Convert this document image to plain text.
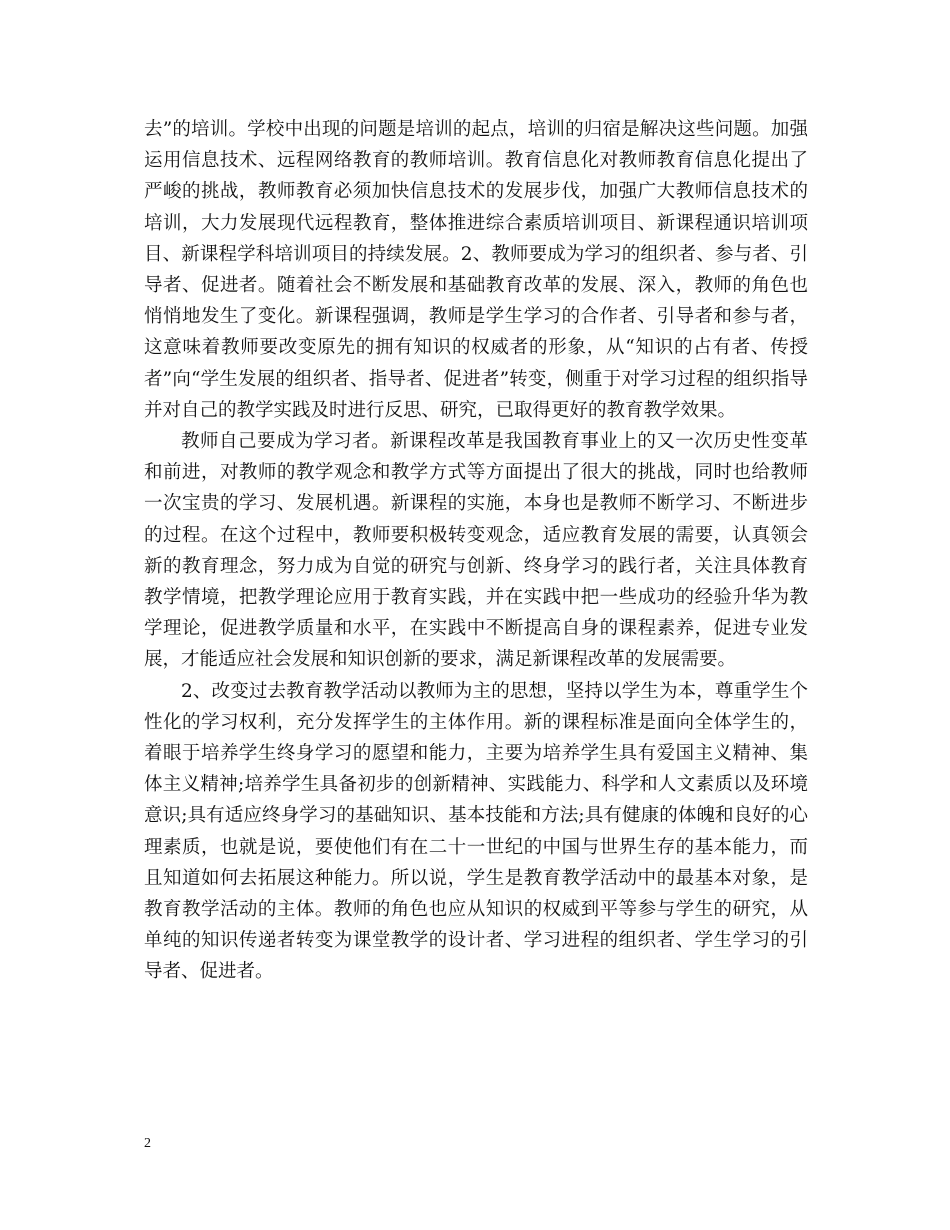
去”的培训。学校中出现的问题是培训的起点，培训的归宿是解决这些问题。加强运用信息技术、远程网络教育的教师培训。教育信息化对教师教育信息化提出了严峻的挑战，教师教育必须加快信息技术的发展步伐，加强广大教师信息技术的培训，大力发展现代远程教育，整体推进综合素质培训项目、新课程通识培训项目、新课程学科培训项目的持续发展。2、教师要成为学习的组织者、参与者、引导者、促进者。随着社会不断发展和基础教育改革的发展、深入，教师的角色也悄悄地发生了变化。新课程强调，教师是学生学习的合作者、引导者和参与者，这意味着教师要改变原先的拥有知识的权威者的形象，从“知识的占有者、传授者”向“学生发展的组织者、指导者、促进者”转变，侧重于对学习过程的组织指导并对自己的教学实践及时进行反思、研究，已取得更好的教育教学效果。

教师自己要成为学习者。新课程改革是我国教育事业上的又一次历史性变革和前进，对教师的教学观念和教学方式等方面提出了很大的挑战，同时也给教师一次宝贵的学习、发展机遇。新课程的实施，本身也是教师不断学习、不断进步的过程。在这个过程中，教师要积极转变观念，适应教育发展的需要，认真领会新的教育理念，努力成为自觉的研究与创新、终身学习的践行者，关注具体教育教学情境，把教学理论应用于教育实践，并在实践中把一些成功的经验升华为教学理论，促进教学质量和水平，在实践中不断提高自身的课程素养，促进专业发展，才能适应社会发展和知识创新的要求，满足新课程改革的发展需要。

2、改变过去教育教学活动以教师为主的思想，坚持以学生为本，尊重学生个性化的学习权利，充分发挥学生的主体作用。新的课程标准是面向全体学生的，着眼于培养学生终身学习的愿望和能力，主要为培养学生具有爱国主义精神、集体主义精神;培养学生具备初步的创新精神、实践能力、科学和人文素质以及环境意识;具有适应终身学习的基础知识、基本技能和方法;具有健康的体魄和良好的心理素质，也就是说，要使他们有在二十一世纪的中国与世界生存的基本能力，而且知道如何去拓展这种能力。所以说，学生是教育教学活动中的最基本对象，是教育教学活动的主体。教师的角色也应从知识的权威到平等参与学生的研究，从单纯的知识传递者转变为课堂教学的设计者、学习进程的组织者、学生学习的引导者、促进者。

2
